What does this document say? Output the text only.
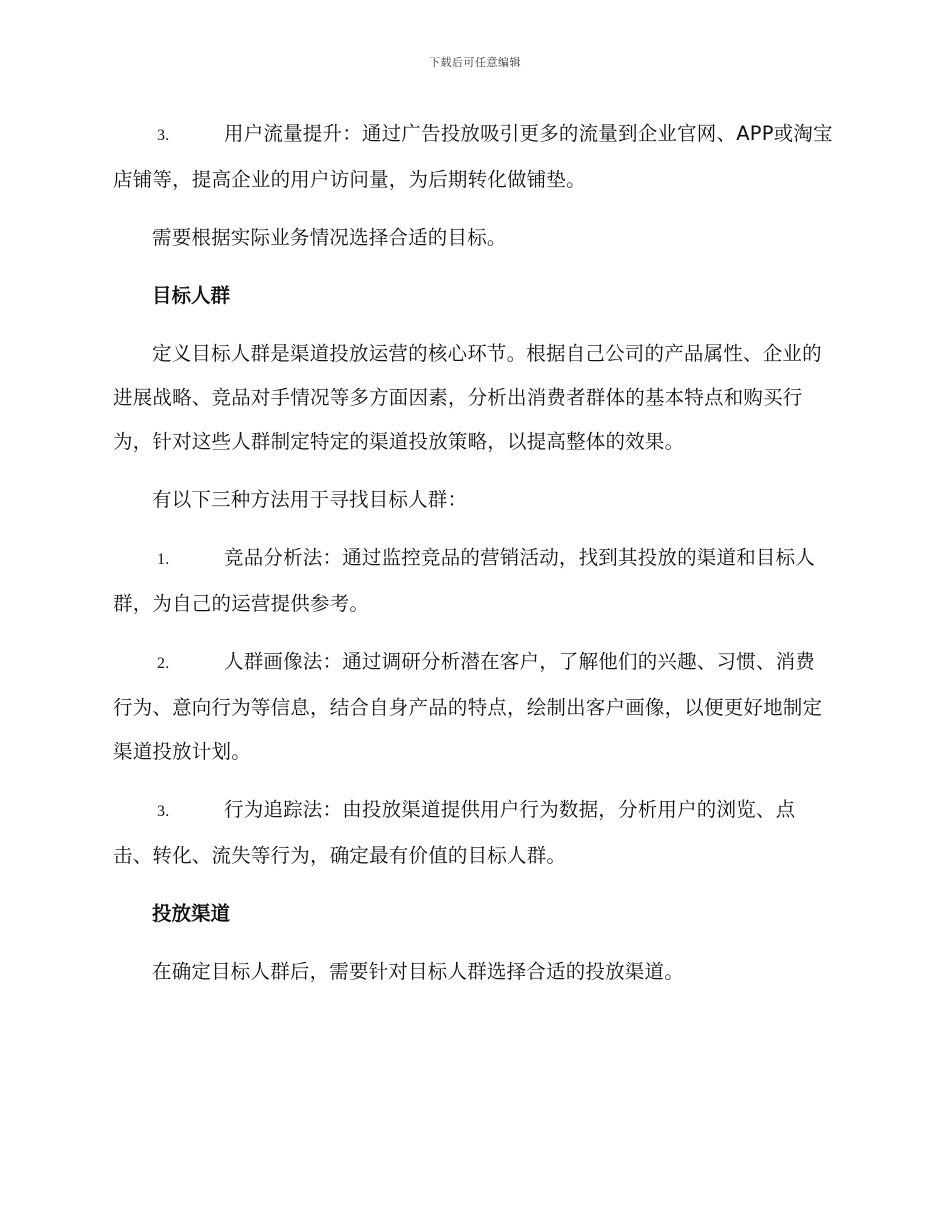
下载后可任意编辑
3.	用户流量提升：通过广告投放吸引更多的流量到企业官网、APP或淘宝店铺等，提高企业的用户访问量，为后期转化做铺垫。

需要根据实际业务情况选择合适的目标。

目标人群

定义目标人群是渠道投放运营的核心环节。根据自己公司的产品属性、企业的进展战略、竞品对手情况等多方面因素，分析出消费者群体的基本特点和购买行为，针对这些人群制定特定的渠道投放策略，以提高整体的效果。

有以下三种方法用于寻找目标人群：

1.	竞品分析法：通过监控竞品的营销活动，找到其投放的渠道和目标人群，为自己的运营提供参考。
2.	人群画像法：通过调研分析潜在客户，了解他们的兴趣、习惯、消费行为、意向行为等信息，结合自身产品的特点，绘制出客户画像，以便更好地制定渠道投放计划。
3.	行为追踪法：由投放渠道提供用户行为数据，分析用户的浏览、点击、转化、流失等行为，确定最有价值的目标人群。
投放渠道

在确定目标人群后，需要针对目标人群选择合适的投放渠道。
